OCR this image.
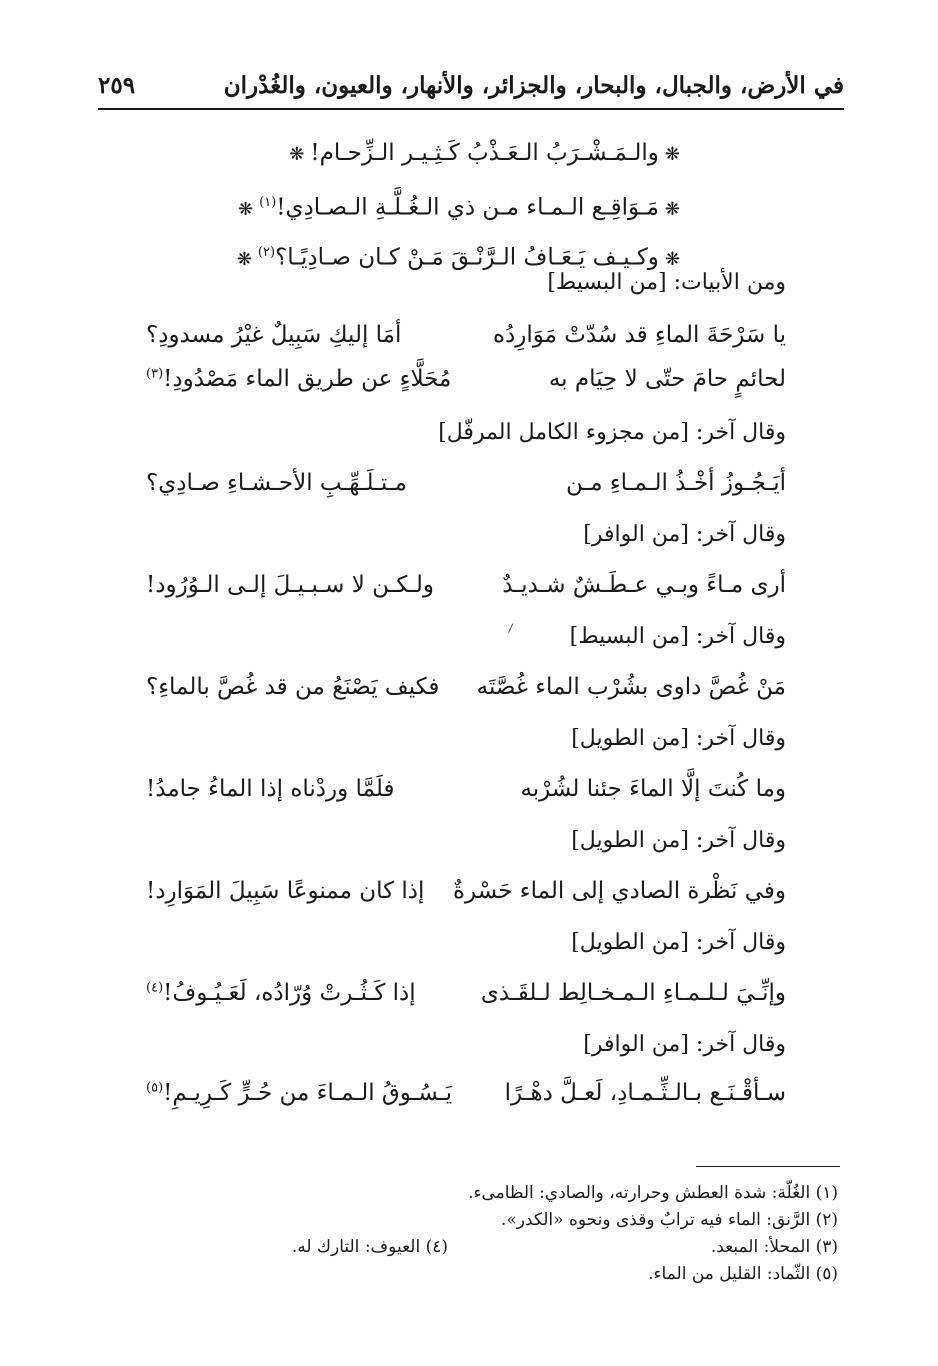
في الأرض، والجبال، والبحار، والجزائر، والأنهار، والعيون، والغُدْران
٢٥٩
❋والـمَـشْـرَبُ الـعَـذْبُ كَـثِـيـر الـزِّحـام!❋
❋مَـوَاقِـع الـمـاء مـن ذي الـغُـلَّـةِ الـصـادِي!$^{(١)}$❋
❋وكـيـف يَـعَـافُ الـرَّنْـقَ مَـنْ كـان صـادِيًـا؟$^{(٢)}$❋
ومن الأبيات: [من البسيط]
يا سَرْحَةَ الماءِ قد سُدّتْ مَوَارِدُه
أمَا إليكِ سَبِيلٌ غيْرُ مسدودِ؟
لحائمٍ حامَ حتّى لا حِيَام به
مُحَلَّاءٍ عن طريق الماء مَصْدُودِ!$^{(٣)}$
وقال آخر: [من مجزوء الكامل المرفّل]
أيَـجُـوزُ أخْـذُ الـمـاءِ مـن
مـتـلَـهِّـبِ الأحـشـاءِ صـادِي؟
وقال آخر: [من الوافر]
أرى مـاءً وبـي عـطَـشٌ شـديـدٌ
ولـكـن لا سـبـيـلَ إلـى الـوُرُود!
وقال آخر: [من البسيط]
مَنْ غُصَّ داوى بشُرْب الماء غُصَّتَه
فكيف يَصْنَعُ من قد غُصَّ بالماءِ؟
وقال آخر: [من الطويل]
وما كُنتَ إلَّا الماءَ جئنا لشُرْبه
فلَمَّا وردْناه إذا الماءُ جامدُ!
وقال آخر: [من الطويل]
وفي نَظْرة الصادي إلى الماء حَسْرةٌ
إذا كان ممنوعًا سَبِيلَ المَوَارِد!
وقال آخر: [من الطويل]
وإنِّـيَ لـلـمـاءِ الـمـخـالِط لـلقَـذى
إذا كَـثُـرتْ وُرّادُه، لَعَـيُـوفُ!$^{(٤)}$
وقال آخر: [من الوافر]
سـأقْـنَـع بـالـثِّـمـادِ، لَعـلَّ دهْـرًا
يَـسُـوقُ الـمـاءَ من حُـرٍّ كَـرِيـمِ!$^{(٥)}$
(١) الغُلّة: شدة العطش وحرارته، والصادي: الظامىء.
(٢) الرَّنق: الماء فيه ترابٌ وقذى ونحوه «الكدر».
(٣) المحلأ: المبعد.
(٤) العيوف: التارك له.
(٥) الثّماد: القليل من الماء.
